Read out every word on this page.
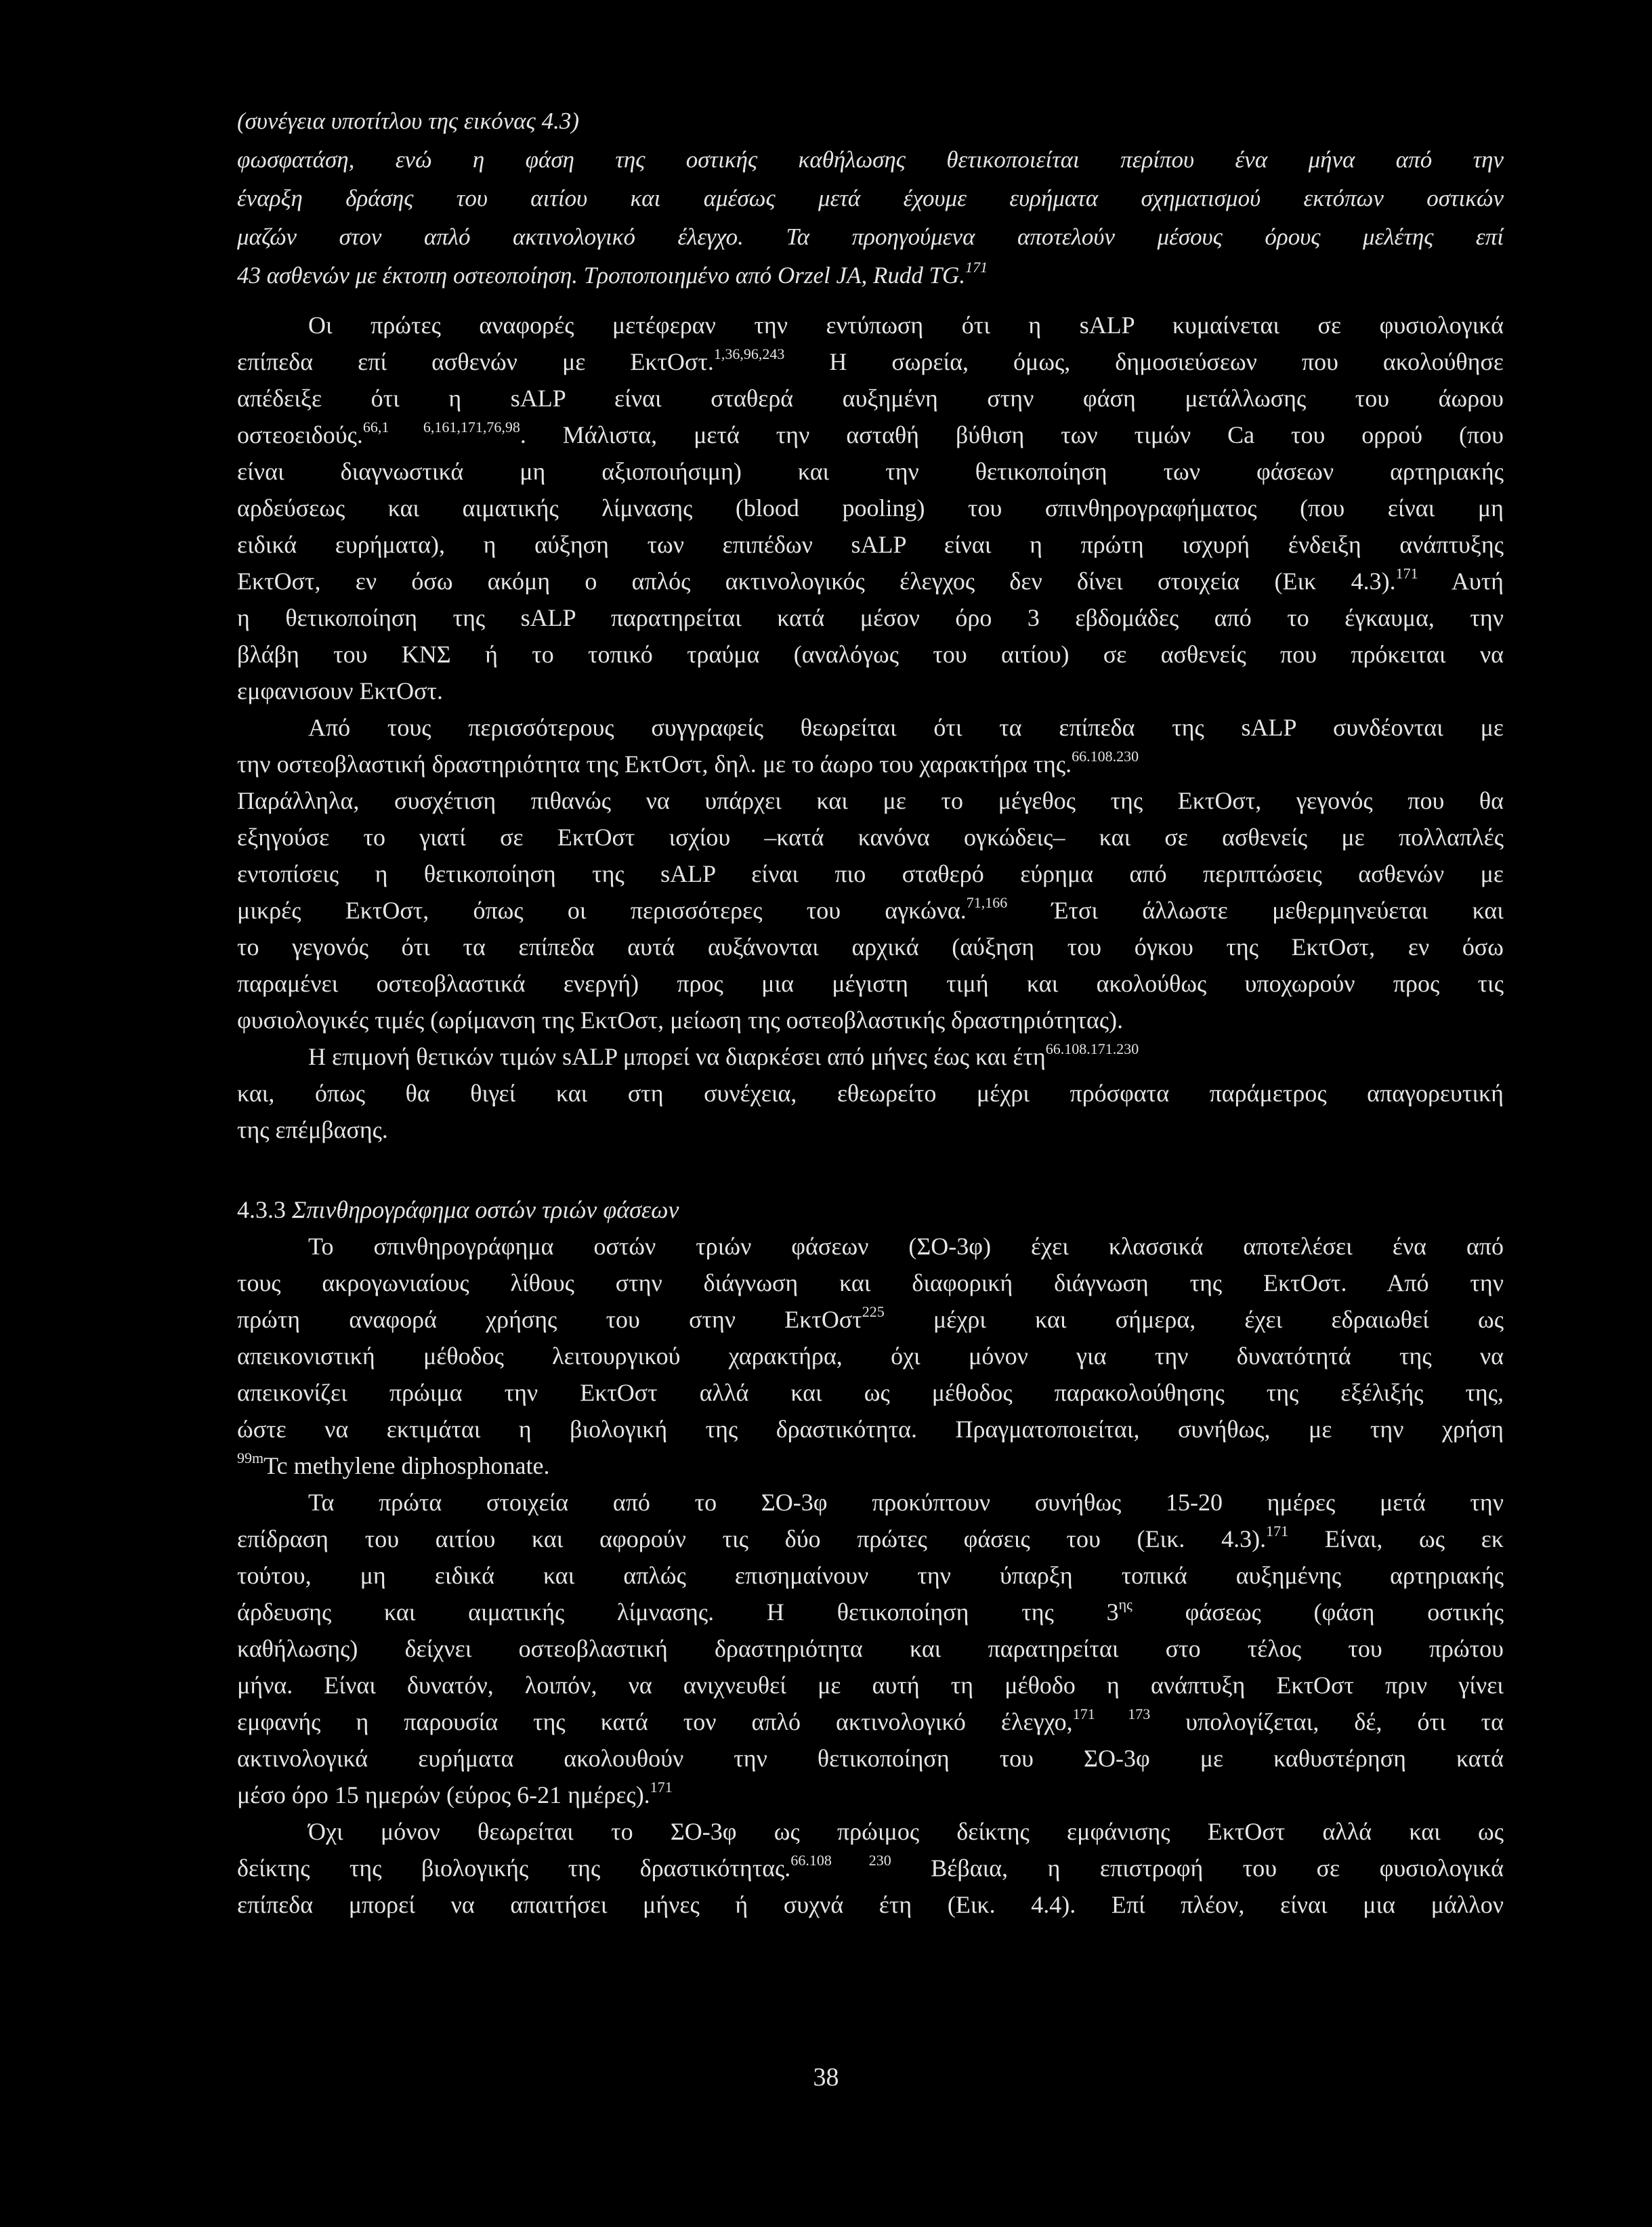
(συνέγεια υποτίτλου της εικόνας 4.3)
φωσφατάση, ενώ η φάση της οστικής καθήλωσης θετικοποιείται περίπου ένα μήνα από την
έναρξη δράσης του αιτίου και αμέσως μετά έχουμε ευρήματα σχηματισμού εκτόπων οστικών
μαζών στον απλό ακτινολογικό έλεγχο. Τα προηγούμενα αποτελούν μέσους όρους μελέτης επί
43 ασθενών με έκτοπη οστεοποίηση. Τροποποιημένο από Orzel JA, Rudd TG.$^{171}$
Οι πρώτες αναφορές μετέφεραν την εντύπωση ότι η sALP κυμαίνεται σε φυσιολογικά
επίπεδα επί ασθενών με ΕκτΟστ.$^{1,36,96,243}$ Η σωρεία, όμως, δημοσιεύσεων που ακολούθησε
απέδειξε ότι η sALP είναι σταθερά αυξημένη στην φάση μετάλλωσης του άωρου
οστεοειδούς.$^{66,1 6,161,171,76,98}$. Μάλιστα, μετά την ασταθή βύθιση των τιμών Ca του ορρού (που
είναι διαγνωστικά μη αξιοποιήσιμη) και την θετικοποίηση των φάσεων αρτηριακής
αρδεύσεως και αιματικής λίμνασης (blood pooling) του σπινθηρογραφήματος (που είναι μη
ειδικά ευρήματα), η αύξηση των επιπέδων sALP είναι η πρώτη ισχυρή ένδειξη ανάπτυξης
ΕκτΟστ, εν όσω ακόμη ο απλός ακτινολογικός έλεγχος δεν δίνει στοιχεία (Εικ 4.3).$^{171}$ Αυτή
η θετικοποίηση της sALP παρατηρείται κατά μέσον όρο 3 εβδομάδες από το έγκαυμα, την
βλάβη του ΚΝΣ ή το τοπικό τραύμα (αναλόγως του αιτίου) σε ασθενείς που πρόκειται να
εμφανισουν ΕκτΟστ.
Από τους περισσότερους συγγραφείς θεωρείται ότι τα επίπεδα της sALP συνδέονται με
την οστεοβλαστική δραστηριότητα της ΕκτΟστ, δηλ. με το άωρο του χαρακτήρα της.$^{66.108.230}$
Παράλληλα, συσχέτιση πιθανώς να υπάρχει και με το μέγεθος της ΕκτΟστ, γεγονός που θα
εξηγούσε το γιατί σε ΕκτΟστ ισχίου –κατά κανόνα ογκώδεις– και σε ασθενείς με πολλαπλές
εντοπίσεις η θετικοποίηση της sALP είναι πιο σταθερό εύρημα από περιπτώσεις ασθενών με
μικρές ΕκτΟστ, όπως οι περισσότερες του αγκώνα.$^{71,166}$ Έτσι άλλωστε μεθερμηνεύεται και
το γεγονός ότι τα επίπεδα αυτά αυξάνονται αρχικά (αύξηση του όγκου της ΕκτΟστ, εν όσω
παραμένει οστεοβλαστικά ενεργή) προς μια μέγιστη τιμή και ακολούθως υποχωρούν προς τις
φυσιολογικές τιμές (ωρίμανση της ΕκτΟστ, μείωση της οστεοβλαστικής δραστηριότητας).
Η επιμονή θετικών τιμών sALP μπορεί να διαρκέσει από μήνες έως και έτη$^{66.108.171.230}$
και, όπως θα θιγεί και στη συνέχεια, εθεωρείτο μέχρι πρόσφατα παράμετρος απαγορευτική
της επέμβασης.
4.3.3 Σπινθηρογράφημα οστών τριών φάσεων
Το σπινθηρογράφημα οστών τριών φάσεων (ΣΟ-3φ) έχει κλασσικά αποτελέσει ένα από
τους ακρογωνιαίους λίθους στην διάγνωση και διαφορική διάγνωση της ΕκτΟστ. Από την
πρώτη αναφορά χρήσης του στην ΕκτΟστ$^{225}$ μέχρι και σήμερα, έχει εδραιωθεί ως
απεικονιστική μέθοδος λειτουργικού χαρακτήρα, όχι μόνον για την δυνατότητά της να
απεικονίζει πρώιμα την ΕκτΟστ αλλά και ως μέθοδος παρακολούθησης της εξέλιξής της,
ώστε να εκτιμάται η βιολογική της δραστικότητα. Πραγματοποιείται, συνήθως, με την χρήση
$^{99m}$Tc methylene diphosphonate.
Τα πρώτα στοιχεία από το ΣΟ-3φ προκύπτουν συνήθως 15-20 ημέρες μετά την
επίδραση του αιτίου και αφορούν τις δύο πρώτες φάσεις του (Εικ. 4.3).$^{171}$ Είναι, ως εκ
τούτου, μη ειδικά και απλώς επισημαίνουν την ύπαρξη τοπικά αυξημένης αρτηριακής
άρδευσης και αιματικής λίμνασης. Η θετικοποίηση της $3^{\eta\varsigma}$ φάσεως (φάση οστικής
καθήλωσης) δείχνει οστεοβλαστική δραστηριότητα και παρατηρείται στο τέλος του πρώτου
μήνα. Είναι δυνατόν, λοιπόν, να ανιχνευθεί με αυτή τη μέθοδο η ανάπτυξη ΕκτΟστ πριν γίνει
εμφανής η παρουσία της κατά τον απλό ακτινολογικό έλεγχο,$^{171 173}$ υπολογίζεται, δέ, ότι τα
ακτινολογικά ευρήματα ακολουθούν την θετικοποίηση του ΣΟ-3φ με καθυστέρηση κατά
μέσο όρο 15 ημερών (εύρος 6-21 ημέρες).$^{171}$
Όχι μόνον θεωρείται το ΣΟ-3φ ως πρώιμος δείκτης εμφάνισης ΕκτΟστ αλλά και ως
δείκτης της βιολογικής της δραστικότητας.$^{66.108 230}$ Βέβαια, η επιστροφή του σε φυσιολογικά
επίπεδα μπορεί να απαιτήσει μήνες ή συχνά έτη (Εικ. 4.4). Επί πλέον, είναι μια μάλλον
38
